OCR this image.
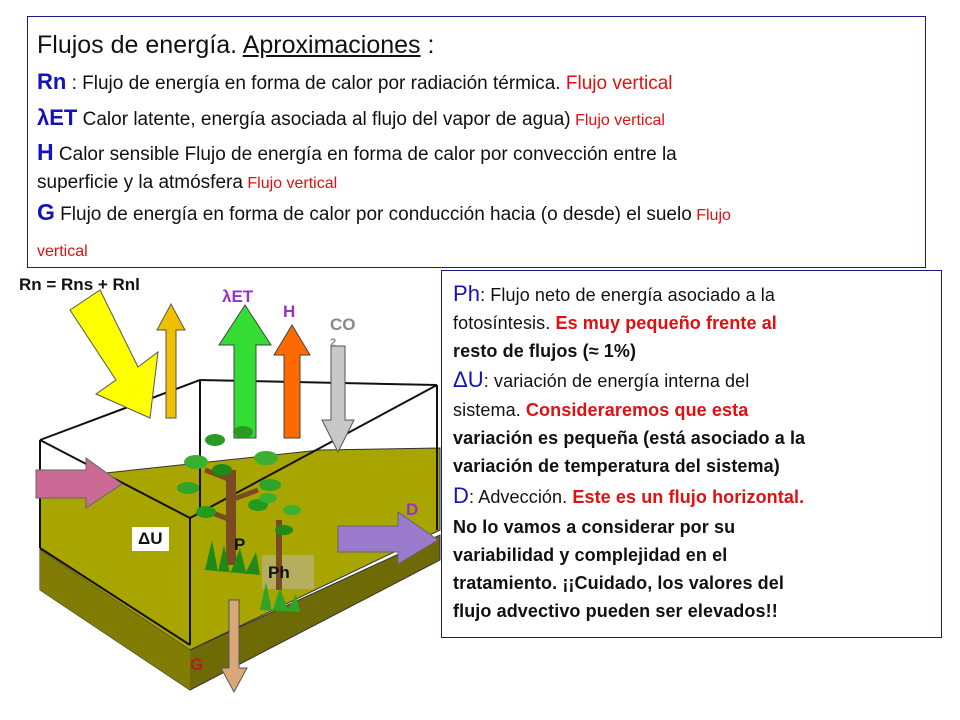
Rn = Rns + Rnl
λET
H
CO
$^2$
D
ΔU	P
Ph
G
Flujos de energía. Aproximaciones :
Rn : Flujo de energía en forma de calor por radiación térmica. Flujo vertical
λET Calor latente, energía asociada al flujo del vapor de agua) Flujo vertical
H Calor sensible Flujo de energía en forma de calor por convección entre la
superficie y la atmósfera Flujo vertical
G Flujo de energía en forma de calor por conducción hacia (o desde) el suelo Flujo
vertical
Ph: Flujo neto de energía asociado a la
fotosíntesis. Es muy pequeño frente al
resto de flujos (≈ 1%)
ΔU: variación de energía interna del
sistema. Consideraremos que esta
variación es pequeña (está asociado a la
variación de temperatura del sistema)
D: Advección. Este es un flujo horizontal.
No lo vamos a considerar por su
variabilidad y complejidad en el
tratamiento. ¡¡Cuidado, los valores del
flujo advectivo pueden ser elevados!!
